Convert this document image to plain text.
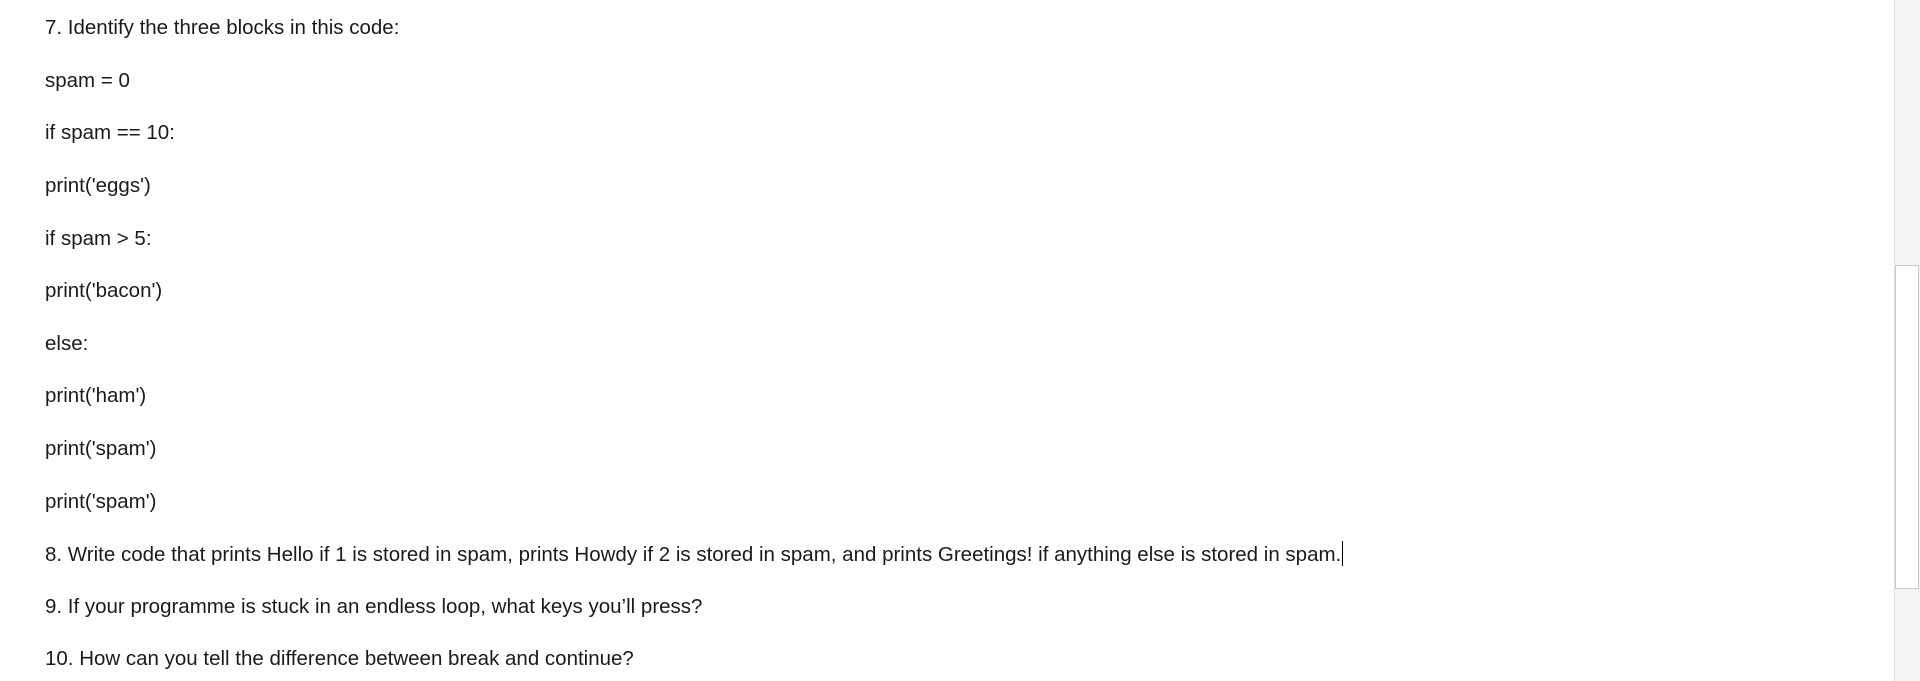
7. Identify the three blocks in this code:

spam = 0

if spam == 10:

print('eggs')

if spam > 5:

print('bacon')

else:

print('ham')

print('spam')

print('spam')

8. Write code that prints Hello if 1 is stored in spam, prints Howdy if 2 is stored in spam, and prints Greetings! if anything else is stored in spam.

9. If your programme is stuck in an endless loop, what keys you’ll press?

10. How can you tell the difference between break and continue?
